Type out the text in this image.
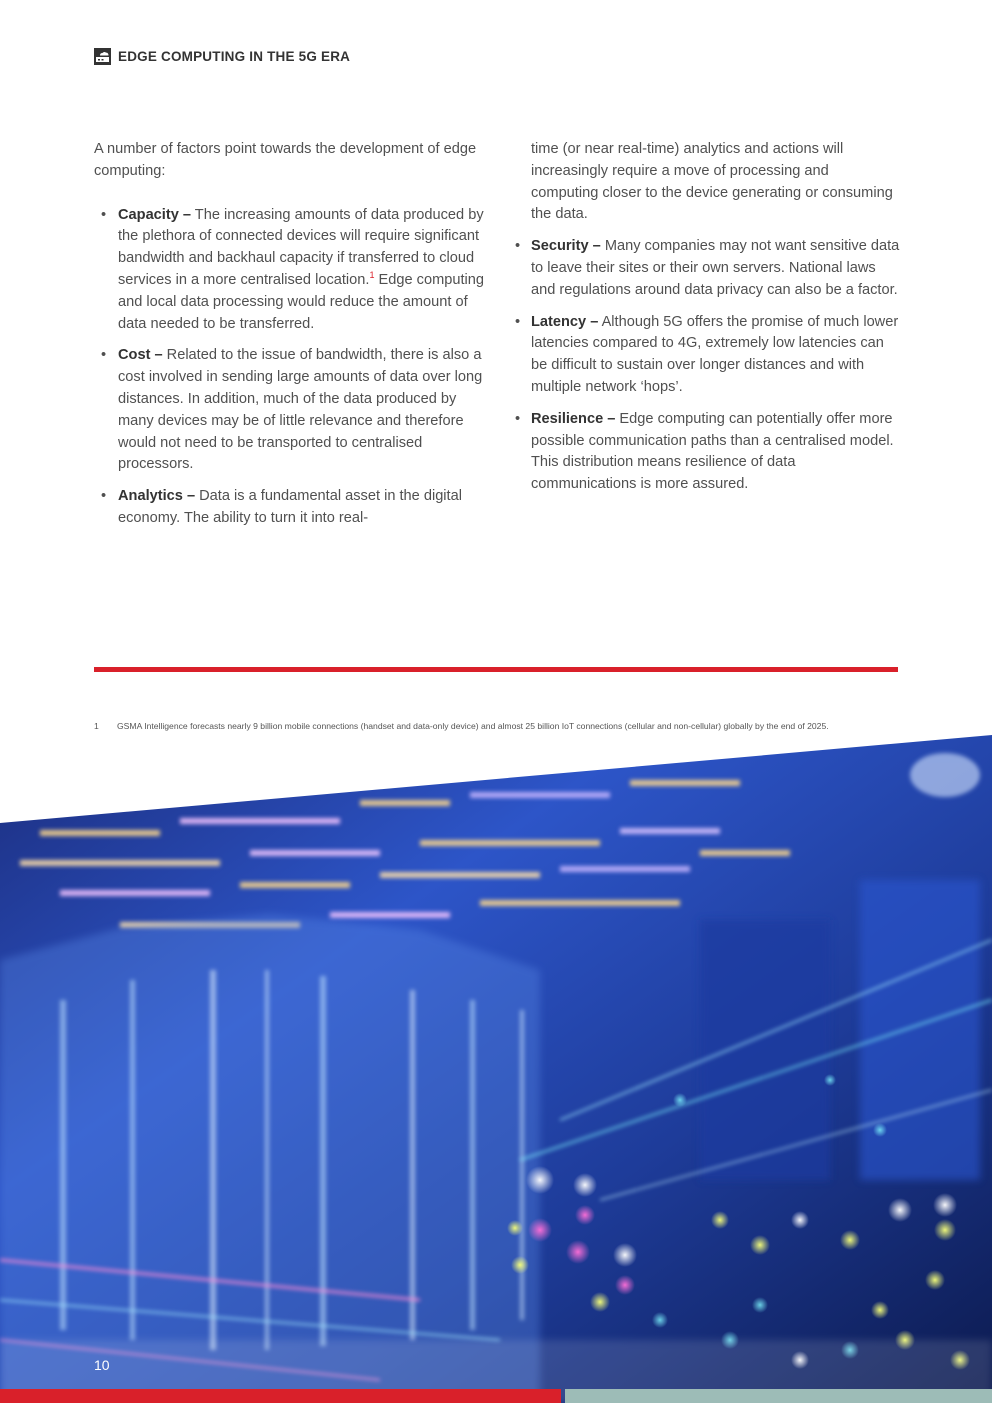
EDGE COMPUTING IN THE 5G ERA

A number of factors point towards the development of edge computing:

• Capacity – The increasing amounts of data produced by the plethora of connected devices will require significant bandwidth and backhaul capacity if transferred to cloud services in a more centralised location.$^1$ Edge computing and local data processing would reduce the amount of data needed to be transferred.
• Cost – Related to the issue of bandwidth, there is also a cost involved in sending large amounts of data over long distances. In addition, much of the data produced by many devices may be of little relevance and therefore would not need to be transported to centralised processors.
• Analytics – Data is a fundamental asset in the digital economy. The ability to turn it into real-

time (or near real-time) analytics and actions will increasingly require a move of processing and computing closer to the device generating or consuming the data.

• Security – Many companies may not want sensitive data to leave their sites or their own servers. National laws and regulations around data privacy can also be a factor.
• Latency – Although 5G offers the promise of much lower latencies compared to 4G, extremely low latencies can be difficult to sustain over longer distances and with multiple network ‘hops’.
• Resilience – Edge computing can potentially offer more possible communication paths than a centralised model. This distribution means resilience of data communications is more assured.
1	GSMA Intelligence forecasts nearly 9 billion mobile connections (handset and data-only device) and almost 25 billion IoT connections (cellular and non-cellular) globally by the end of 2025.
10
